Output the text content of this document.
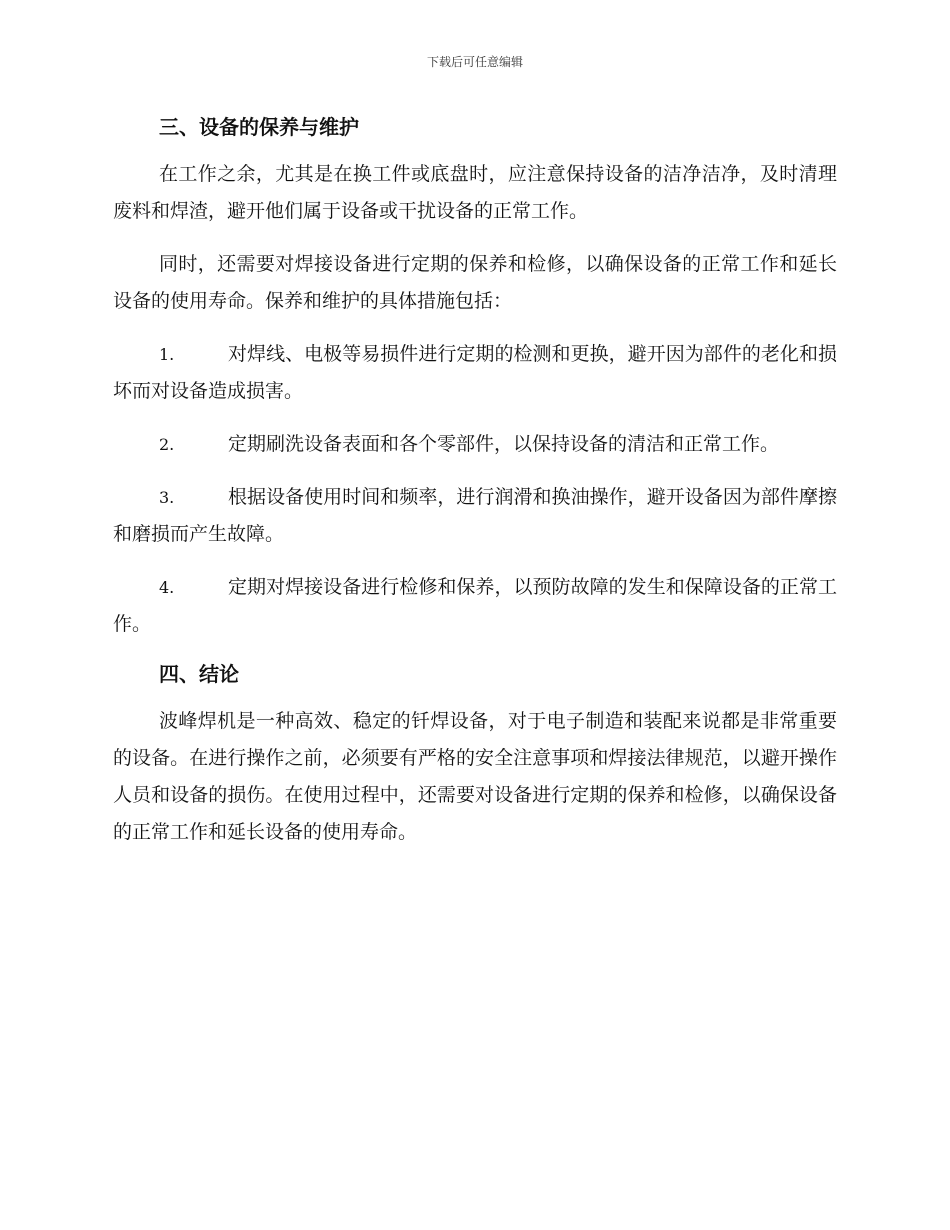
下载后可任意编辑
三、设备的保养与维护

在工作之余，尤其是在换工件或底盘时，应注意保持设备的洁净洁净，及时清理废料和焊渣，避开他们属于设备或干扰设备的正常工作。

同时，还需要对焊接设备进行定期的保养和检修，以确保设备的正常工作和延长设备的使用寿命。保养和维护的具体措施包括：

1.	对焊线、电极等易损件进行定期的检测和更换，避开因为部件的老化和损坏而对设备造成损害。
2.	定期刷洗设备表面和各个零部件，以保持设备的清洁和正常工作。
3.	根据设备使用时间和频率，进行润滑和换油操作，避开设备因为部件摩擦和磨损而产生故障。
4.	定期对焊接设备进行检修和保养，以预防故障的发生和保障设备的正常工作。
四、结论

波峰焊机是一种高效、稳定的钎焊设备，对于电子制造和装配来说都是非常重要的设备。在进行操作之前，必须要有严格的安全注意事项和焊接法律规范，以避开操作人员和设备的损伤。在使用过程中，还需要对设备进行定期的保养和检修，以确保设备的正常工作和延长设备的使用寿命。
